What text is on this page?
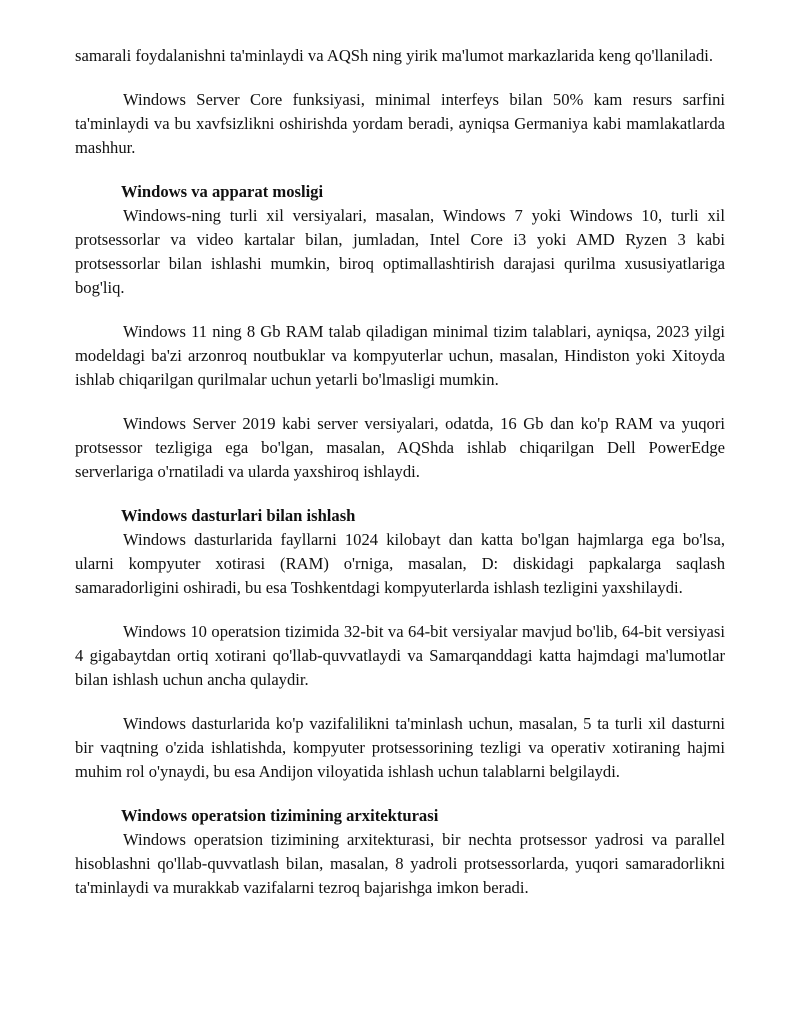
samarali foydalanishni ta'minlaydi va AQSh ning yirik ma'lumot markazlarida keng qo'llaniladi.

Windows Server Core funksiyasi, minimal interfeys bilan 50% kam resurs sarfini ta'minlaydi va bu xavfsizlikni oshirishda yordam beradi, ayniqsa Germaniya kabi mamlakatlarda mashhur.

Windows va apparat mosligi

Windows-ning turli xil versiyalari, masalan, Windows 7 yoki Windows 10, turli xil protsessorlar va video kartalar bilan, jumladan, Intel Core i3 yoki AMD Ryzen 3 kabi protsessorlar bilan ishlashi mumkin, biroq optimallashtirish darajasi qurilma xususiyatlariga bog'liq.

Windows 11 ning 8 Gb RAM talab qiladigan minimal tizim talablari, ayniqsa, 2023 yilgi modeldagi ba'zi arzonroq noutbuklar va kompyuterlar uchun, masalan, Hindiston yoki Xitoyda ishlab chiqarilgan qurilmalar uchun yetarli bo'lmasligi mumkin.

Windows Server 2019 kabi server versiyalari, odatda, 16 Gb dan ko'p RAM va yuqori protsessor tezligiga ega bo'lgan, masalan, AQShda ishlab chiqarilgan Dell PowerEdge serverlariga o'rnatiladi va ularda yaxshiroq ishlaydi.

Windows dasturlari bilan ishlash

Windows dasturlarida fayllarni 1024 kilobayt dan katta bo'lgan hajmlarga ega bo'lsa, ularni kompyuter xotirasi (RAM) o'rniga, masalan, D: diskidagi papkalarga saqlash samaradorligini oshiradi, bu esa Toshkentdagi kompyuterlarda ishlash tezligini yaxshilaydi.

Windows 10 operatsion tizimida 32-bit va 64-bit versiyalar mavjud bo'lib, 64-bit versiyasi 4 gigabaytdan ortiq xotirani qo'llab-quvvatlaydi va Samarqanddagi katta hajmdagi ma'lumotlar bilan ishlash uchun ancha qulaydir.

Windows dasturlarida ko'p vazifalilikni ta'minlash uchun, masalan, 5 ta turli xil dasturni bir vaqtning o'zida ishlatishda, kompyuter protsessorining tezligi va operativ xotiraning hajmi muhim rol o'ynaydi, bu esa Andijon viloyatida ishlash uchun talablarni belgilaydi.

Windows operatsion tizimining arxitekturasi

Windows operatsion tizimining arxitekturasi, bir nechta protsessor yadrosi va parallel hisoblashni qo'llab-quvvatlash bilan, masalan, 8 yadroli protsessorlarda, yuqori samaradorlikni ta'minlaydi va murakkab vazifalarni tezroq bajarishga imkon beradi.
